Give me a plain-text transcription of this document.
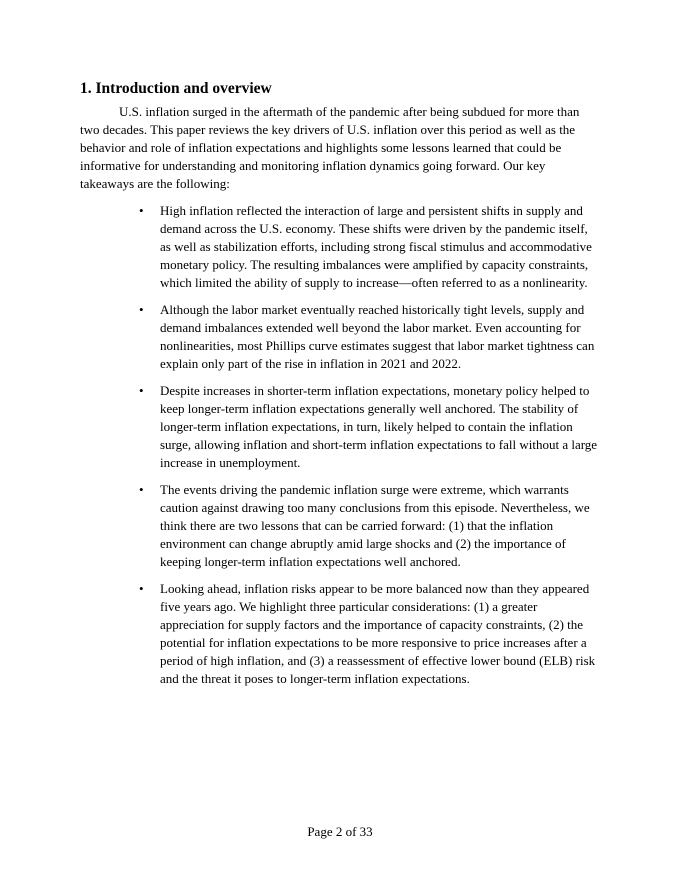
1. Introduction and overview

U.S. inflation surged in the aftermath of the pandemic after being subdued for more than two decades. This paper reviews the key drivers of U.S. inflation over this period as well as the behavior and role of inflation expectations and highlights some lessons learned that could be informative for understanding and monitoring inflation dynamics going forward. Our key takeaways are the following:

• High inflation reflected the interaction of large and persistent shifts in supply and demand across the U.S. economy. These shifts were driven by the pandemic itself, as well as stabilization efforts, including strong fiscal stimulus and accommodative monetary policy. The resulting imbalances were amplified by capacity constraints, which limited the ability of supply to increase—often referred to as a nonlinearity.
• Although the labor market eventually reached historically tight levels, supply and demand imbalances extended well beyond the labor market. Even accounting for nonlinearities, most Phillips curve estimates suggest that labor market tightness can explain only part of the rise in inflation in 2021 and 2022.
• Despite increases in shorter-term inflation expectations, monetary policy helped to keep longer-term inflation expectations generally well anchored. The stability of longer-term inflation expectations, in turn, likely helped to contain the inflation surge, allowing inflation and short-term inflation expectations to fall without a large increase in unemployment.
• The events driving the pandemic inflation surge were extreme, which warrants caution against drawing too many conclusions from this episode. Nevertheless, we think there are two lessons that can be carried forward: (1) that the inflation environment can change abruptly amid large shocks and (2) the importance of keeping longer-term inflation expectations well anchored.
• Looking ahead, inflation risks appear to be more balanced now than they appeared five years ago. We highlight three particular considerations: (1) a greater appreciation for supply factors and the importance of capacity constraints, (2) the potential for inflation expectations to be more responsive to price increases after a period of high inflation, and (3) a reassessment of effective lower bound (ELB) risk and the threat it poses to longer-term inflation expectations.
Page 2 of 33
